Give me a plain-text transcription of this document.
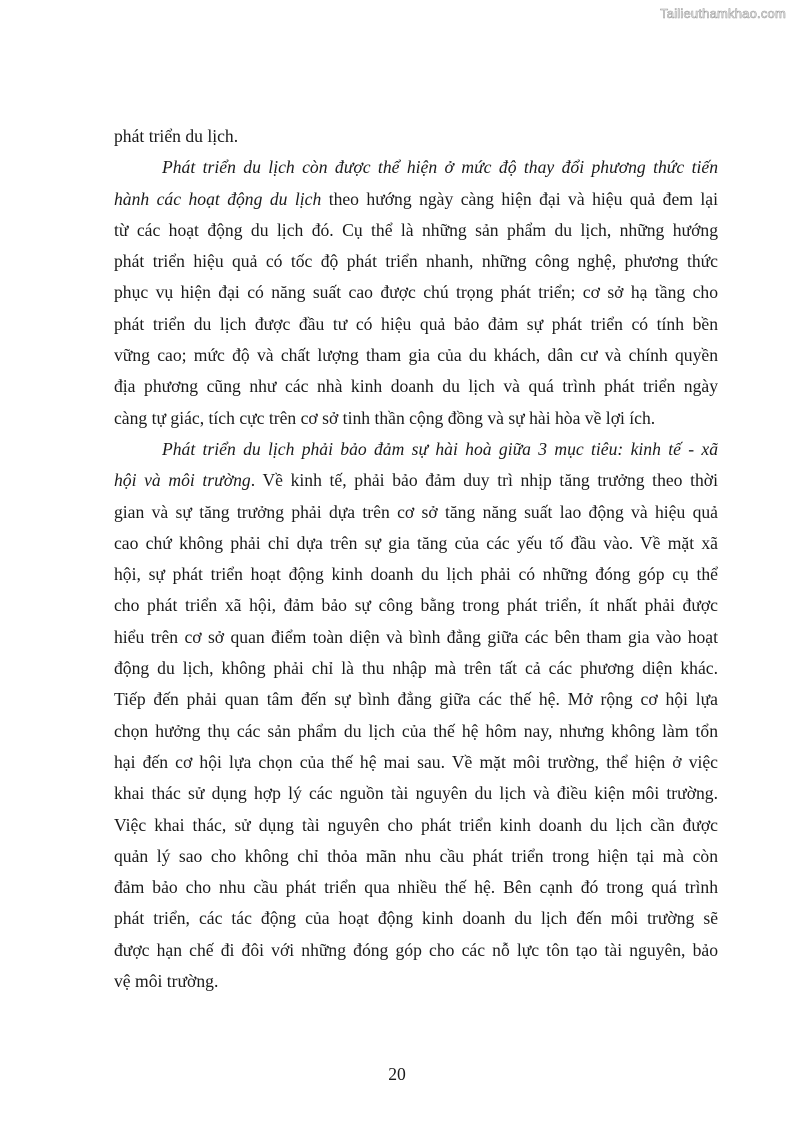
Tailieuthamkhao.com
phát triển du lịch.
Phát triển du lịch còn được thể hiện ở mức độ thay đổi phương thức tiến
hành các hoạt động du lịch theo hướng ngày càng hiện đại và hiệu quả đem lại
từ các hoạt động du lịch đó. Cụ thể là những sản phẩm du lịch, những hướng
phát triển hiệu quả có tốc độ phát triển nhanh, những công nghệ, phương thức
phục vụ hiện đại có năng suất cao được chú trọng phát triển; cơ sở hạ tầng cho
phát triển du lịch được đầu tư có hiệu quả bảo đảm sự phát triển có tính bền
vững cao; mức độ và chất lượng tham gia của du khách, dân cư và chính quyền
địa phương cũng như các nhà kinh doanh du lịch và quá trình phát triển ngày
càng tự giác, tích cực trên cơ sở tinh thần cộng đồng và sự hài hòa về lợi ích.
Phát triển du lịch phải bảo đảm sự hài hoà giữa 3 mục tiêu: kinh tế - xã
hội và môi trường. Về kinh tế, phải bảo đảm duy trì nhịp tăng trưởng theo thời
gian và sự tăng trưởng phải dựa trên cơ sở tăng năng suất lao động và hiệu quả
cao chứ không phải chỉ dựa trên sự gia tăng của các yếu tố đầu vào. Về mặt xã
hội, sự phát triển hoạt động kinh doanh du lịch phải có những đóng góp cụ thể
cho phát triển xã hội, đảm bảo sự công bằng trong phát triển, ít nhất phải được
hiểu trên cơ sở quan điểm toàn diện và bình đẳng giữa các bên tham gia vào hoạt
động du lịch, không phải chỉ là thu nhập mà trên tất cả các phương diện khác.
Tiếp đến phải quan tâm đến sự bình đẳng giữa các thế hệ. Mở rộng cơ hội lựa
chọn hưởng thụ các sản phẩm du lịch của thế hệ hôm nay, nhưng không làm tổn
hại đến cơ hội lựa chọn của thế hệ mai sau. Về mặt môi trường, thể hiện ở việc
khai thác sử dụng hợp lý các nguồn tài nguyên du lịch và điều kiện môi trường.
Việc khai thác, sử dụng tài nguyên cho phát triển kinh doanh du lịch cần được
quản lý sao cho không chỉ thỏa mãn nhu cầu phát triển trong hiện tại mà còn
đảm bảo cho nhu cầu phát triển qua nhiều thế hệ. Bên cạnh đó trong quá trình
phát triển, các tác động của hoạt động kinh doanh du lịch đến môi trường sẽ
được hạn chế đi đôi với những đóng góp cho các nỗ lực tôn tạo tài nguyên, bảo
vệ môi trường.
20
